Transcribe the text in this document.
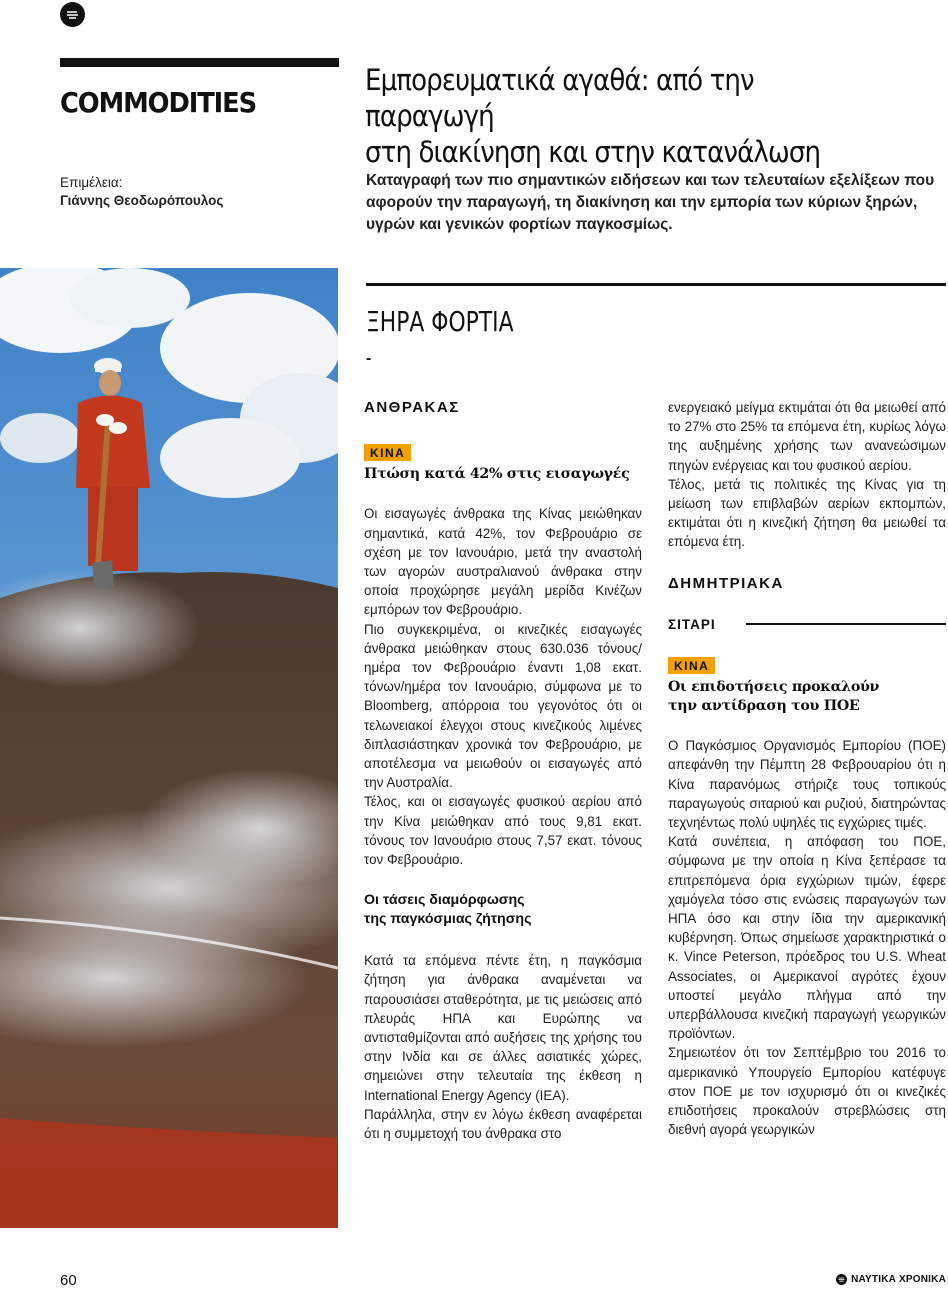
COMMODITIES
Εμπορευματικά αγαθά: από την παραγωγή
στη διακίνηση και στην κατανάλωση
Επιμέλεια:
Γιάννης Θεοδωρόπουλος
Καταγραφή των πιο σημαντικών ειδήσεων και των τελευταίων εξελίξεων που αφορούν την παραγωγή, τη διακίνηση και την εμπορία των κύριων ξηρών, υγρών και γενικών φορτίων παγκοσμίως.
ΞΗΡΑ ΦΟΡΤΙΑ
-

ΑΝΘΡΑΚΑΣ

ΚΙΝΑ

Πτώση κατά 42% στις εισαγωγές

Οι εισαγωγές άνθρακα της Κίνας μειώθηκαν σημαντικά, κατά 42%, τον Φεβρουάριο σε σχέση με τον Ιανουάριο, μετά την αναστολή των αγορών αυστραλιανού άνθρακα στην οποία προχώρησε μεγάλη μερίδα Κινέζων εμπόρων τον Φεβρουάριο.

Πιο συγκεκριμένα, οι κινεζικές εισαγωγές άνθρακα μειώθηκαν στους 630.036 τόνους/ημέρα τον Φεβρουάριο έναντι 1,08 εκατ. τόνων/ημέρα τον Ιανουάριο, σύμφωνα με το Bloomberg, απόρροια του γεγονότος ότι οι τελωνειακοί έλεγχοι στους κινεζικούς λιμένες διπλασιάστηκαν χρονικά τον Φεβρουάριο, με αποτέλεσμα να μειωθούν οι εισαγωγές από την Αυστραλία.

Τέλος, και οι εισαγωγές φυσικού αερίου από την Κίνα μειώθηκαν από τους 9,81 εκατ. τόνους τον Ιανουάριο στους 7,57 εκατ. τόνους τον Φεβρουάριο.

Οι τάσεις διαμόρφωσης

της παγκόσμιας ζήτησης

Κατά τα επόμενα πέντε έτη, η παγκόσμια ζήτηση για άνθρακα αναμένεται να παρουσιάσει σταθερότητα, με τις μειώσεις από πλευράς ΗΠΑ και Ευρώπης να αντισταθμίζονται από αυξήσεις της χρήσης του στην Ινδία και σε άλλες ασιατικές χώρες, σημειώνει στην τελευταία της έκθεση η International Energy Agency (IEA).

Παράλληλα, στην εν λόγω έκθεση αναφέρεται ότι η συμμετοχή του άνθρακα στο

ενεργειακό μείγμα εκτιμάται ότι θα μειωθεί από το 27% στο 25% τα επόμενα έτη, κυρίως λόγω της αυξημένης χρήσης των ανανεώσιμων πηγών ενέργειας και του φυσικού αερίου.

Τέλος, μετά τις πολιτικές της Κίνας για τη μείωση των επιβλαβών αερίων εκπομπών, εκτιμάται ότι η κινεζική ζήτηση θα μειωθεί τα επόμενα έτη.

ΔΗΜΗΤΡΙΑΚΑ

ΣΙΤΑΡΙ
ΚΙΝΑ

Οι επιδοτήσεις προκαλούν

την αντίδραση του ΠΟΕ

Ο Παγκόσμιος Οργανισμός Εμπορίου (ΠΟΕ) απεφάνθη την Πέμπτη 28 Φεβρουαρίου ότι η Κίνα παρανόμως στήριζε τους τοπικούς παραγωγούς σιταριού και ρυζιού, διατηρώντας τεχνηέντως πολύ υψηλές τις εγχώριες τιμές.

Κατά συνέπεια, η απόφαση του ΠΟΕ, σύμφωνα με την οποία η Κίνα ξεπέρασε τα επιτρεπόμενα όρια εγχώριων τιμών, έφερε χαμόγελα τόσο στις ενώσεις παραγωγών των ΗΠΑ όσο και στην ίδια την αμερικανική κυβέρνηση. Όπως σημείωσε χαρακτηριστικά ο κ. Vince Peterson, πρόεδρος του U.S. Wheat Associates, οι Αμερικανοί αγρότες έχουν υποστεί μεγάλο πλήγμα από την υπερβάλλουσα κινεζική παραγωγή γεωργικών προϊόντων.

Σημειωτέον ότι τον Σεπτέμβριο του 2016 το αμερικανικό Υπουργείο Εμπορίου κατέφυγε στον ΠΟΕ με τον ισχυρισμό ότι οι κινεζικές επιδοτήσεις προκαλούν στρεβλώσεις στη διεθνή αγορά γεωργικών

60	ΝΑΥΤΙΚΑ ΧΡΟΝΙΚΑ
